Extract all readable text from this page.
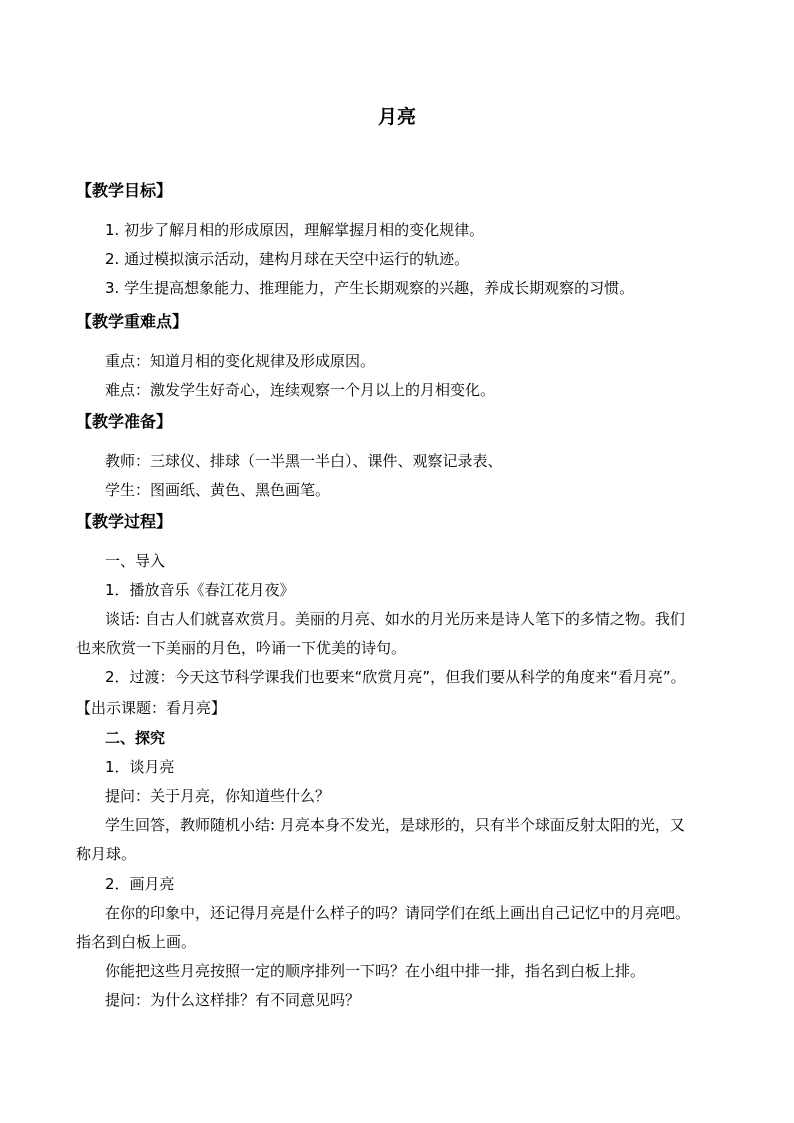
月亮
【教学目标】
1. 初步了解月相的形成原因，理解掌握月相的变化规律。
2. 通过模拟演示活动，建构月球在天空中运行的轨迹。
3. 学生提高想象能力、推理能力，产生长期观察的兴趣，养成长期观察的习惯。
【教学重难点】
重点：知道月相的变化规律及形成原因。
难点：激发学生好奇心，连续观察一个月以上的月相变化。
【教学准备】
教师：三球仪、排球（一半黑一半白）、课件、观察记录表、
学生：图画纸、黄色、黑色画笔。
【教学过程】
一、导入
1．播放音乐《春江花月夜》
谈话: 自古人们就喜欢赏月。美丽的月亮、如水的月光历来是诗人笔下的多情之物。我们
也来欣赏一下美丽的月色，吟诵一下优美的诗句。
2．过渡：今天这节科学课我们也要来“欣赏月亮”，但我们要从科学的角度来“看月亮”。
【出示课题：看月亮】
二、探究
1．谈月亮
提问：关于月亮，你知道些什么？
学生回答，教师随机小结: 月亮本身不发光，是球形的，只有半个球面反射太阳的光，又
称月球。
2．画月亮
在你的印象中，还记得月亮是什么样子的吗？请同学们在纸上画出自己记忆中的月亮吧。
指名到白板上画。
你能把这些月亮按照一定的顺序排列一下吗？在小组中排一排，指名到白板上排。
提问：为什么这样排？有不同意见吗？
